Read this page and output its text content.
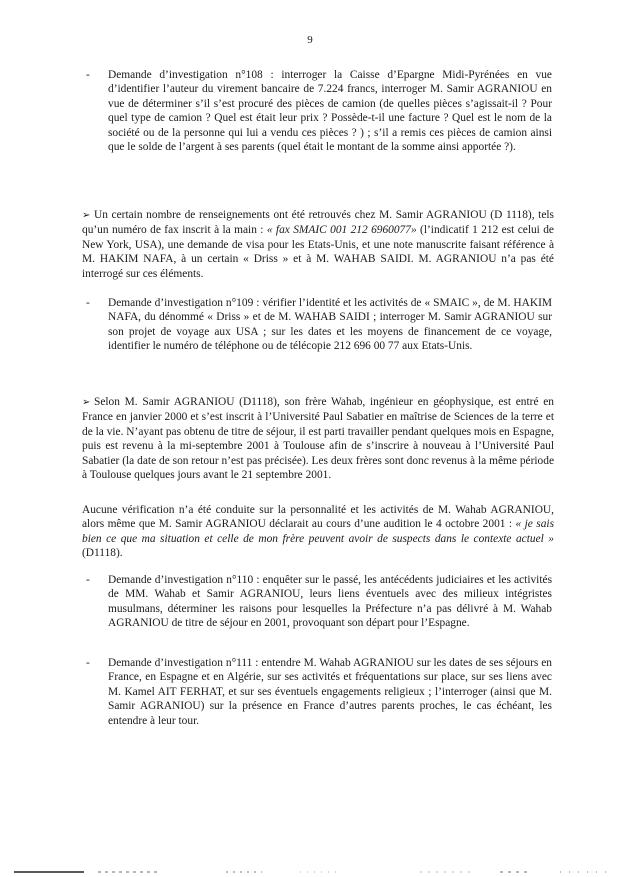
9
- Demande d’investigation n°108 : interroger la Caisse d’Epargne Midi-Pyrénées en vue d’identifier l’auteur du virement bancaire de 7.224 francs, interroger M. Samir AGRANIOU en vue de déterminer s’il s’est procuré des pièces de camion (de quelles pièces s’agissait-il ? Pour quel type de camion ? Quel est était leur prix ? Possède-t-il une facture ? Quel est le nom de la société ou de la personne qui lui a vendu ces pièces ? ) ; s’il a remis ces pièces de camion ainsi que le solde de l’argent à ses parents (quel était le montant de la somme ainsi apportée ?).
➢ Un certain nombre de renseignements ont été retrouvés chez M. Samir AGRANIOU (D 1118), tels qu’un numéro de fax inscrit à la main : « fax SMAIC 001 212 6960077» (l’indicatif 1 212 est celui de New York, USA), une demande de visa pour les Etats-Unis, et une note manuscrite faisant référence à M. HAKIM NAFA, à un certain « Driss » et à M. WAHAB SAIDI. M. AGRANIOU n’a pas été interrogé sur ces éléments.
- Demande d’investigation n°109 : vérifier l’identité et les activités de « SMAIC », de M. HAKIM NAFA, du dénommé « Driss » et de M. WAHAB SAIDI ; interroger M. Samir AGRANIOU sur son projet de voyage aux USA ; sur les dates et les moyens de financement de ce voyage, identifier le numéro de téléphone ou de télécopie 212 696 00 77 aux Etats-Unis.
➢ Selon M. Samir AGRANIOU (D1118), son frère Wahab, ingénieur en géophysique, est entré en France en janvier 2000 et s’est inscrit à l’Université Paul Sabatier en maîtrise de Sciences de la terre et de la vie. N’ayant pas obtenu de titre de séjour, il est parti travailler pendant quelques mois en Espagne, puis est revenu à la mi-septembre 2001 à Toulouse afin de s’inscrire à nouveau à l’Université Paul Sabatier (la date de son retour n’est pas précisée). Les deux frères sont donc revenus à la même période à Toulouse quelques jours avant le 21 septembre 2001.
Aucune vérification n’a été conduite sur la personnalité et les activités de M. Wahab AGRANIOU, alors même que M. Samir AGRANIOU déclarait au cours d’une audition le 4 octobre 2001 : « je sais bien ce que ma situation et celle de mon frère peuvent avoir de suspects dans le contexte actuel » (D1118).
- Demande d’investigation n°110 : enquêter sur le passé, les antécédents judiciaires et les activités de MM. Wahab et Samir AGRANIOU, leurs liens éventuels avec des milieux intégristes musulmans, déterminer les raisons pour lesquelles la Préfecture n’a pas délivré à M. Wahab AGRANIOU de titre de séjour en 2001, provoquant son départ pour l’Espagne.
- Demande d’investigation n°111 : entendre M. Wahab AGRANIOU sur les dates de ses séjours en France, en Espagne et en Algérie, sur ses activités et fréquentations sur place, sur ses liens avec M. Kamel AIT FERHAT, et sur ses éventuels engagements religieux ; l’interroger (ainsi que M. Samir AGRANIOU) sur la présence en France d’autres parents proches, le cas échéant, les entendre à leur tour.
